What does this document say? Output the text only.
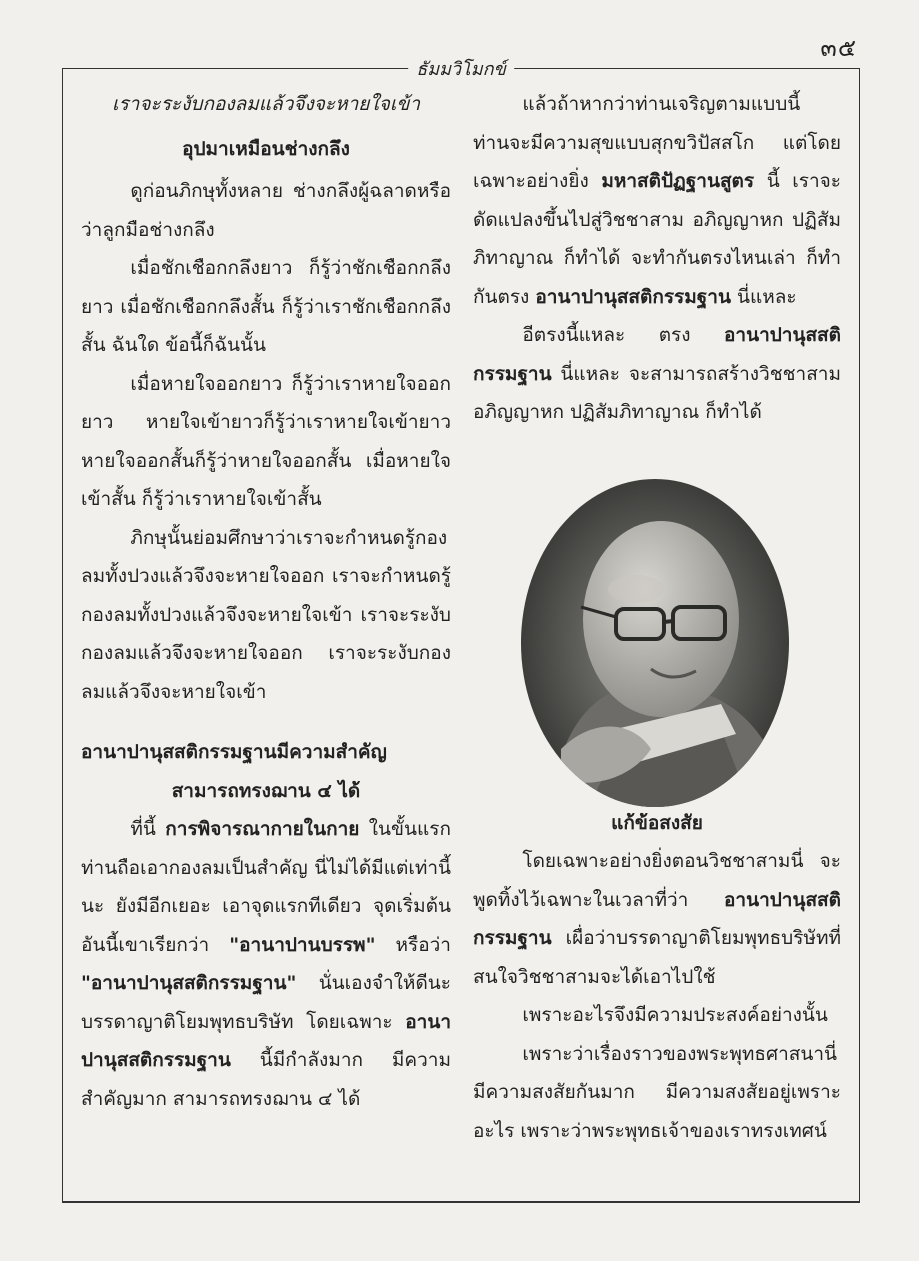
๓๕
ธัมมวิโมกข์

เราจะระงับกองลมแล้วจึงจะหายใจเข้า

อุปมาเหมือนช่างกลึง

ดูก่อนภิกษุทั้งหลาย ช่างกลึงผู้ฉลาดหรือว่าลูกมือช่างกลึง

เมื่อชักเชือกกลึงยาว ก็รู้ว่าชักเชือกกลึงยาว เมื่อชักเชือกกลึงสั้น ก็รู้ว่าเราชักเชือกกลึงสั้น ฉันใด ข้อนี้ก็ฉันนั้น

เมื่อหายใจออกยาว ก็รู้ว่าเราหายใจออกยาว หายใจเข้ายาวก็รู้ว่าเราหายใจเข้ายาว หายใจออกสั้นก็รู้ว่าหายใจออกสั้น เมื่อหายใจเข้าสั้น ก็รู้ว่าเราหายใจเข้าสั้น

ภิกษุนั้นย่อมศึกษาว่าเราจะกำหนดรู้กองลมทั้งปวงแล้วจึงจะหายใจออก เราจะกำหนดรู้กองลมทั้งปวงแล้วจึงจะหายใจเข้า เราจะระงับกองลมแล้วจึงจะหายใจออก เราจะระงับกองลมแล้วจึงจะหายใจเข้า

อานาปานุสสติกรรมฐานมีความสำคัญ
สามารถทรงฌาน ๔ ได้

ที่นี้ การพิจารณากายในกาย ในขั้นแรกท่านถือเอากองลมเป็นสำคัญ นี่ไม่ได้มีแต่เท่านี้นะ ยังมีอีกเยอะ เอาจุดแรกทีเดียว จุดเริ่มต้น อันนี้เขาเรียกว่า "อานาปานบรรพ" หรือว่า "อานาปานุสสติกรรมฐาน" นั่นเองจำให้ดีนะ บรรดาญาติโยมพุทธบริษัท โดยเฉพาะ อานาปานุสสติกรรมฐาน นี้มีกำลังมาก มีความสำคัญมาก สามารถทรงฌาน ๔ ได้

แล้วถ้าหากว่าท่านเจริญตามแบบนี้ ท่านจะมีความสุขแบบสุกขวิปัสสโก แต่โดยเฉพาะอย่างยิ่ง มหาสติปัฏฐานสูตร นี้ เราจะดัดแปลงขึ้นไปสู่วิชชาสาม อภิญญาหก ปฏิสัมภิทาญาณ ก็ทำได้ จะทำกันตรงไหนเล่า ก็ทำกันตรง อานาปานุสสติกรรมฐาน นี่แหละ

อีตรงนี้แหละ ตรง อานาปานุสสติกรรมฐาน นี่แหละ จะสามารถสร้างวิชชาสาม อภิญญาหก ปฏิสัมภิทาญาณ ก็ทำได้

แก้ข้อสงสัย

โดยเฉพาะอย่างยิ่งตอนวิชชาสามนี่ จะพูดทิ้งไว้เฉพาะในเวลาที่ว่า อานาปานุสสติกรรมฐาน เผื่อว่าบรรดาญาติโยมพุทธบริษัทที่สนใจวิชชาสามจะได้เอาไปใช้

เพราะอะไรจึงมีความประสงค์อย่างนั้น

เพราะว่าเรื่องราวของพระพุทธศาสนานี่มีความสงสัยกันมาก มีความสงสัยอยู่เพราะอะไร เพราะว่าพระพุทธเจ้าของเราทรงเทศน์
